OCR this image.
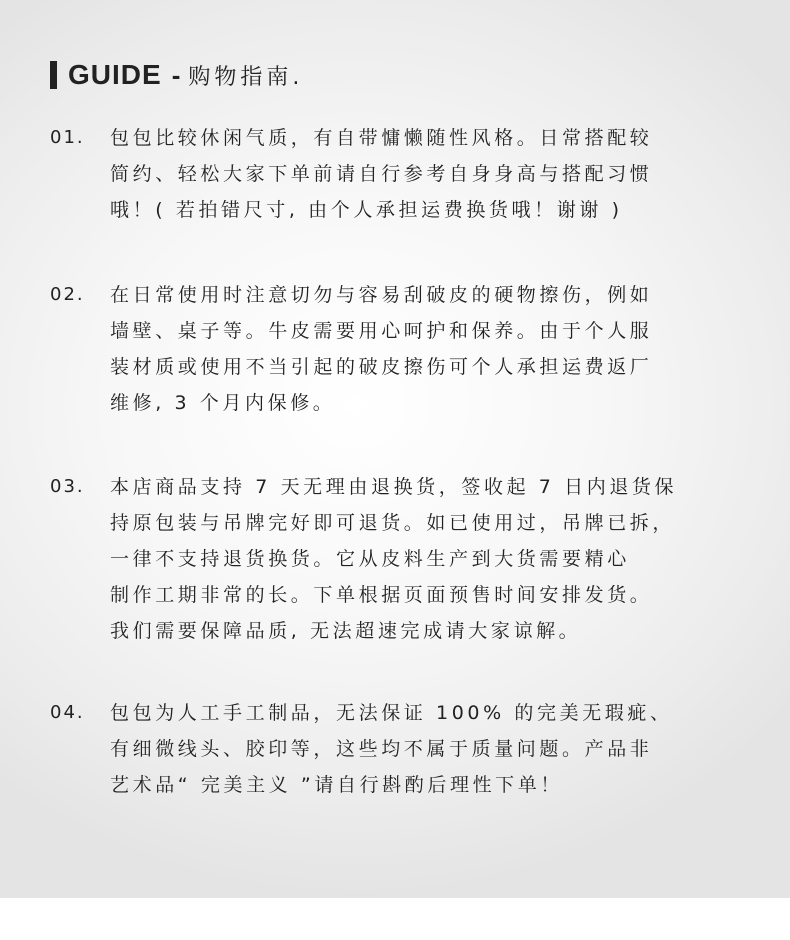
GUIDE - 购物指南.
01.	包包比较休闲气质，有自带慵懒随性风格。日常搭配较
简约、轻松大家下单前请自行参考自身身高与搭配习惯
哦！( 若拍错尺寸, 由个人承担运费换货哦！谢谢 )
02.	在日常使用时注意切勿与容易刮破皮的硬物擦伤，例如
墙壁、桌子等。牛皮需要用心呵护和保养。由于个人服
装材质或使用不当引起的破皮擦伤可个人承担运费返厂
维修, 3 个月内保修。
03.	本店商品支持 7 天无理由退换货，签收起 7 日内退货保
持原包装与吊牌完好即可退货。如已使用过，吊牌已拆，
一律不支持退货换货。它从皮料生产到大货需要精心
制作工期非常的长。下单根据页面预售时间安排发货。
我们需要保障品质, 无法超速完成请大家谅解。
04.	包包为人工手工制品，无法保证 100% 的完美无瑕疵、
有细微线头、胶印等，这些均不属于质量问题。产品非
艺术品“ 完美主义 ”请自行斟酌后理性下单！
